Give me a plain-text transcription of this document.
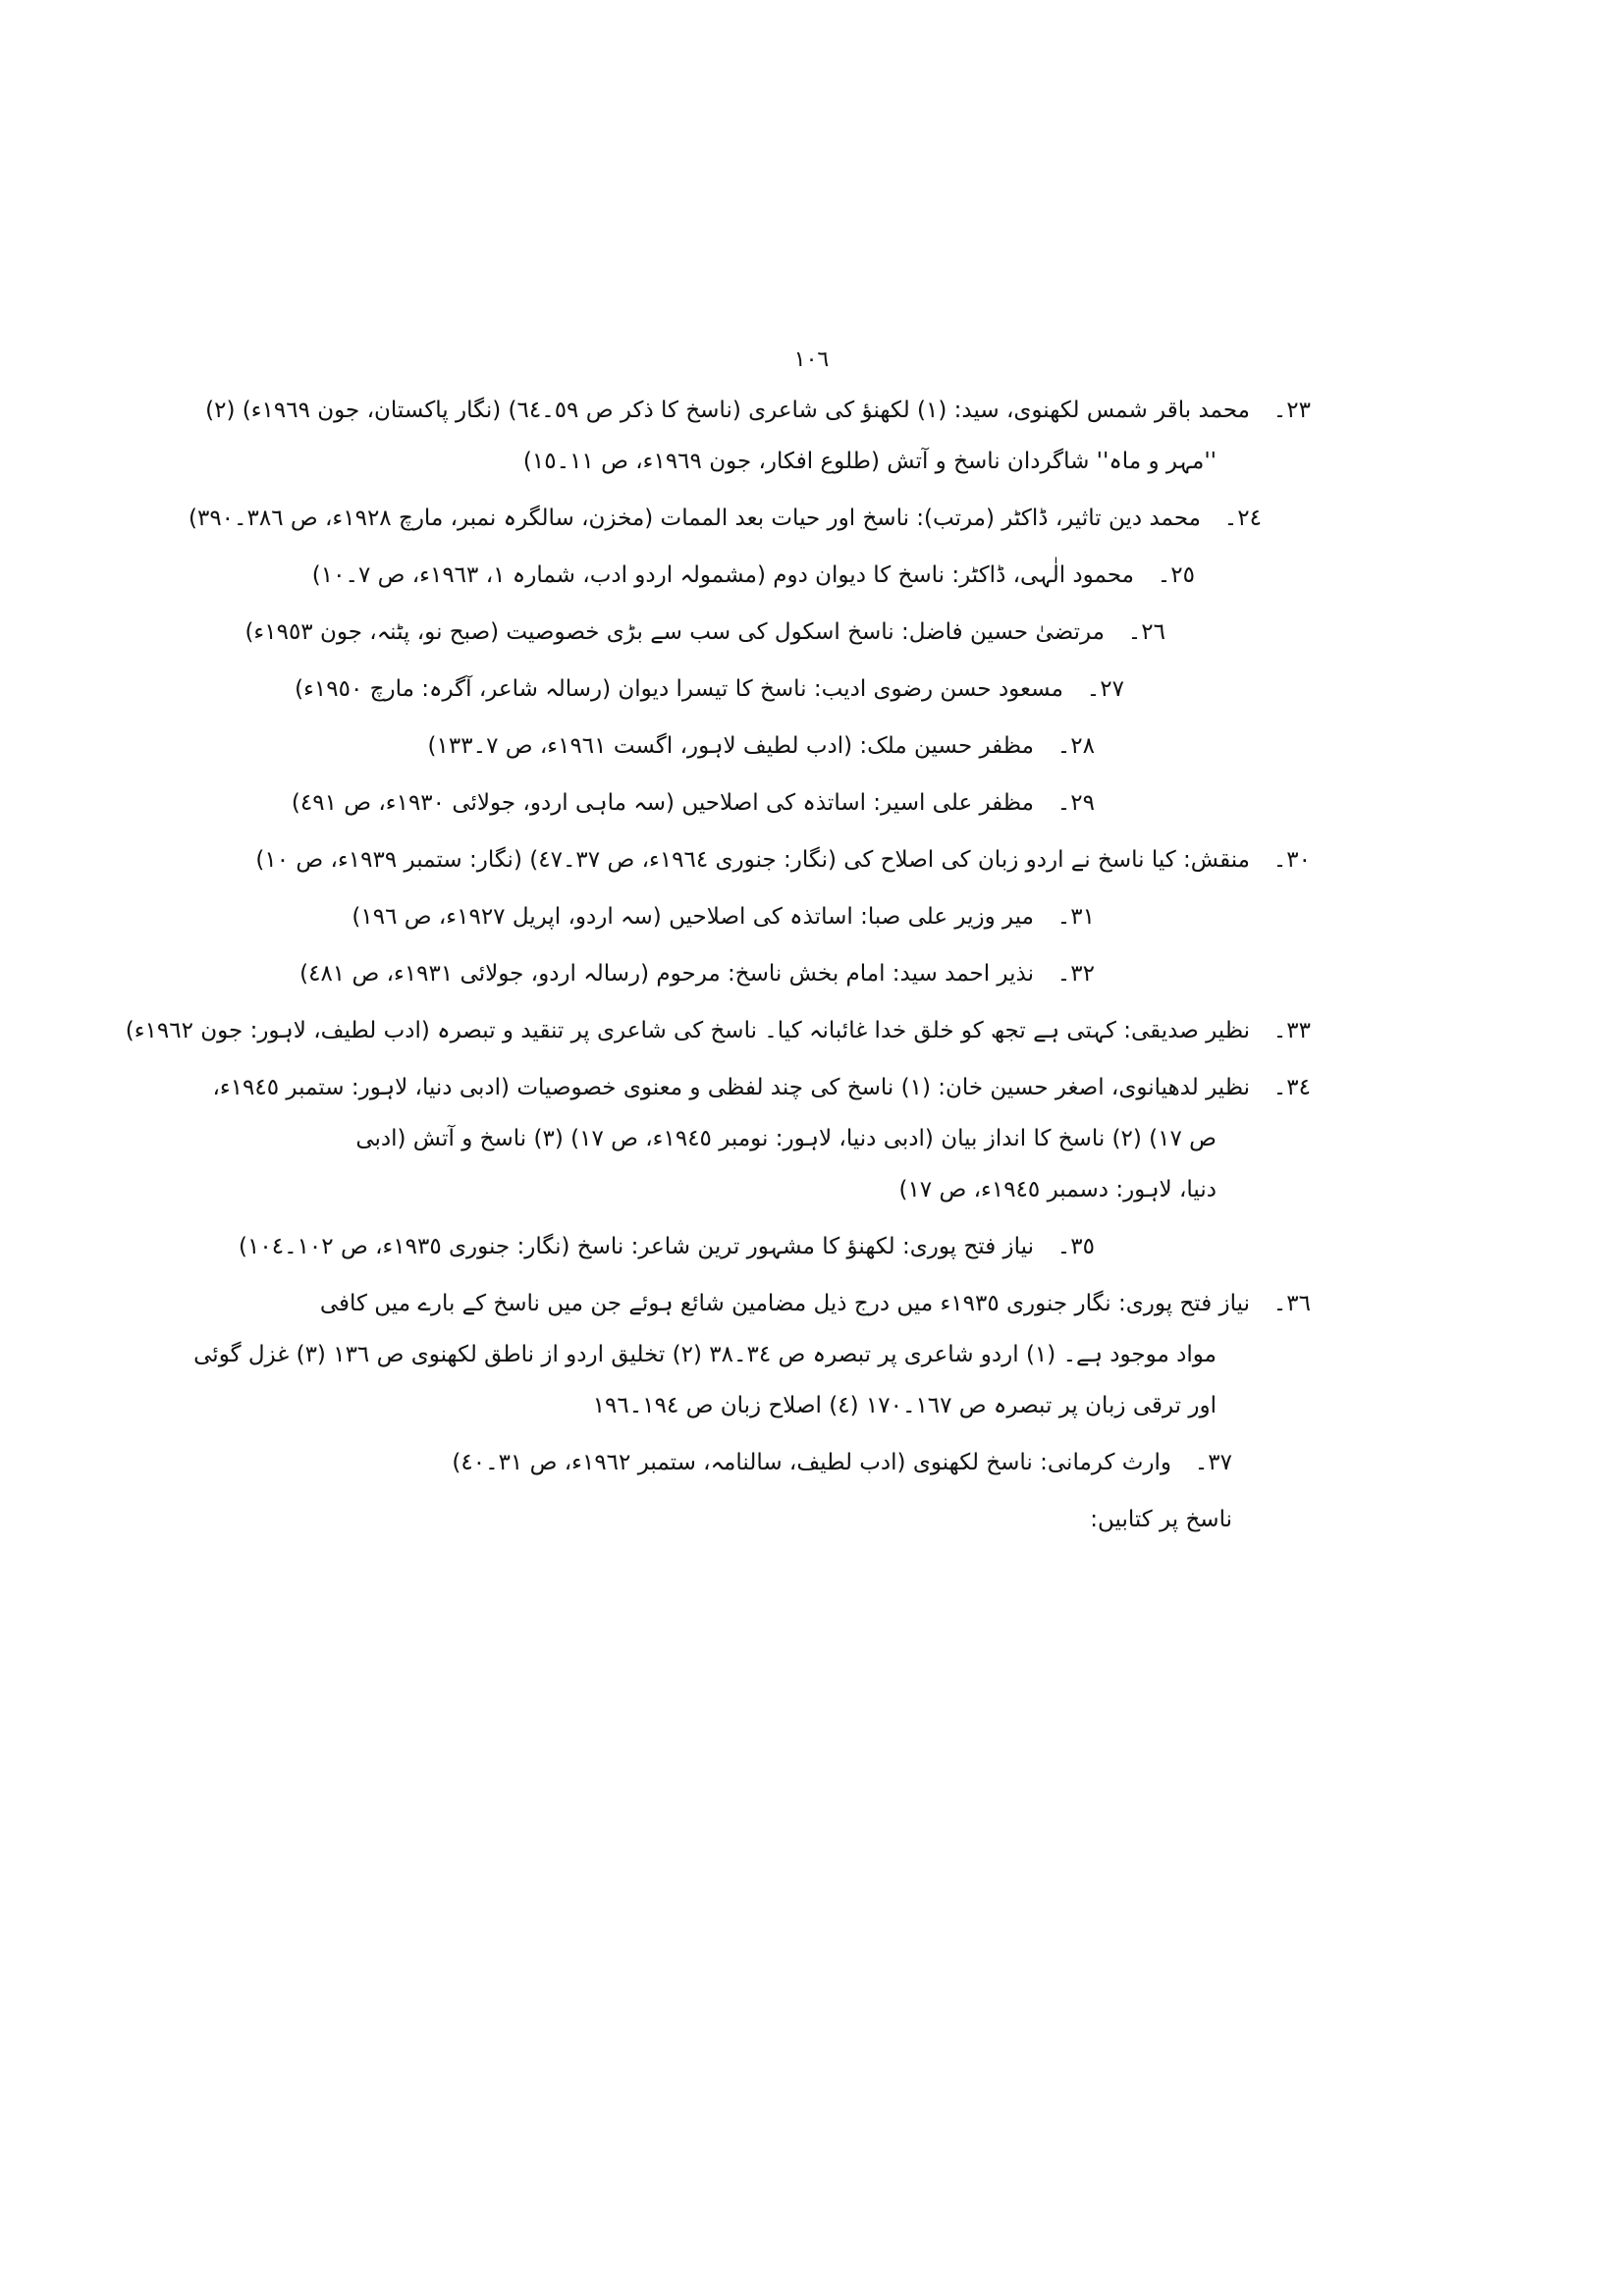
١٠٦
٢٣۔محمد باقر شمس لکھنوی، سید: (١) لکھنؤ کی شاعری (ناسخ کا ذکر ص ٥٩۔٦٤) (نگار پاکستان، جون ١٩٦٩ء) (٢)
''مہر و ماہ'' شاگردان ناسخ و آتش (طلوع افکار، جون ١٩٦٩ء، ص ١١۔١٥)
٢٤۔محمد دین تاثیر، ڈاکٹر (مرتب): ناسخ اور حیات بعد الممات (مخزن، سالگرہ نمبر، مارچ ١٩٢٨ء، ص ٣٨٦۔٣٩٠)
٢٥۔محمود الٰہی، ڈاکٹر: ناسخ کا دیوان دوم (مشمولہ اردو ادب، شمارہ ١، ١٩٦٣ء، ص ٧۔١٠)
٢٦۔مرتضیٰ حسین فاضل: ناسخ اسکول کی سب سے بڑی خصوصیت (صبح نو، پٹنہ، جون ١٩٥٣ء)
٢٧۔مسعود حسن رضوی ادیب: ناسخ کا تیسرا دیوان (رسالہ شاعر، آگرہ: مارچ ١٩٥٠ء)
٢٨۔مظفر حسین ملک: (ادب لطیف لاہور، اگست ١٩٦١ء، ص ٧۔١٣٣)
٢٩۔مظفر علی اسیر: اساتذہ کی اصلاحیں (سہ ماہی اردو، جولائی ١٩٣٠ء، ص ٤٩١)
٣٠۔منقش: کیا ناسخ نے اردو زبان کی اصلاح کی (نگار: جنوری ١٩٦٤ء، ص ٣٧۔٤٧) (نگار: ستمبر ١٩٣٩ء، ص ١٠)
٣١۔میر وزیر علی صبا: اساتذہ کی اصلاحیں (سہ اردو، اپریل ١٩٢٧ء، ص ١٩٦)
٣٢۔نذیر احمد سید: امام بخش ناسخ: مرحوم (رسالہ اردو، جولائی ١٩٣١ء، ص ٤٨١)
٣٣۔نظیر صدیقی: کہتی ہے تجھ کو خلق خدا غائبانہ کیا۔ ناسخ کی شاعری پر تنقید و تبصرہ (ادب لطیف، لاہور: جون ١٩٦٢ء)
٣٤۔نظیر لدھیانوی، اصغر حسین خان: (١) ناسخ کی چند لفظی و معنوی خصوصیات (ادبی دنیا، لاہور: ستمبر ١٩٤٥ء،
ص ١٧) (٢) ناسخ کا انداز بیان (ادبی دنیا، لاہور: نومبر ١٩٤٥ء، ص ١٧) (٣) ناسخ و آتش (ادبی
دنیا، لاہور: دسمبر ١٩٤٥ء، ص ١٧)
٣٥۔نیاز فتح پوری: لکھنؤ کا مشہور ترین شاعر: ناسخ (نگار: جنوری ١٩٣٥ء، ص ١٠٢۔١٠٤)
٣٦۔نیاز فتح پوری: نگار جنوری ١٩٣٥ء میں درج ذیل مضامین شائع ہوئے جن میں ناسخ کے بارے میں کافی
مواد موجود ہے۔ (١) اردو شاعری پر تبصرہ ص ٣٤۔٣٨ (٢) تخلیق اردو از ناطق لکھنوی ص ١٣٦ (٣) غزل گوئی
اور ترقی زبان پر تبصرہ ص ١٦٧۔١٧٠ (٤) اصلاح زبان ص ١٩٤۔١٩٦
٣٧۔وارث کرمانی: ناسخ لکھنوی (ادب لطیف، سالنامہ، ستمبر ١٩٦٢ء، ص ٣١۔٤٠)
ناسخ پر کتابیں:
